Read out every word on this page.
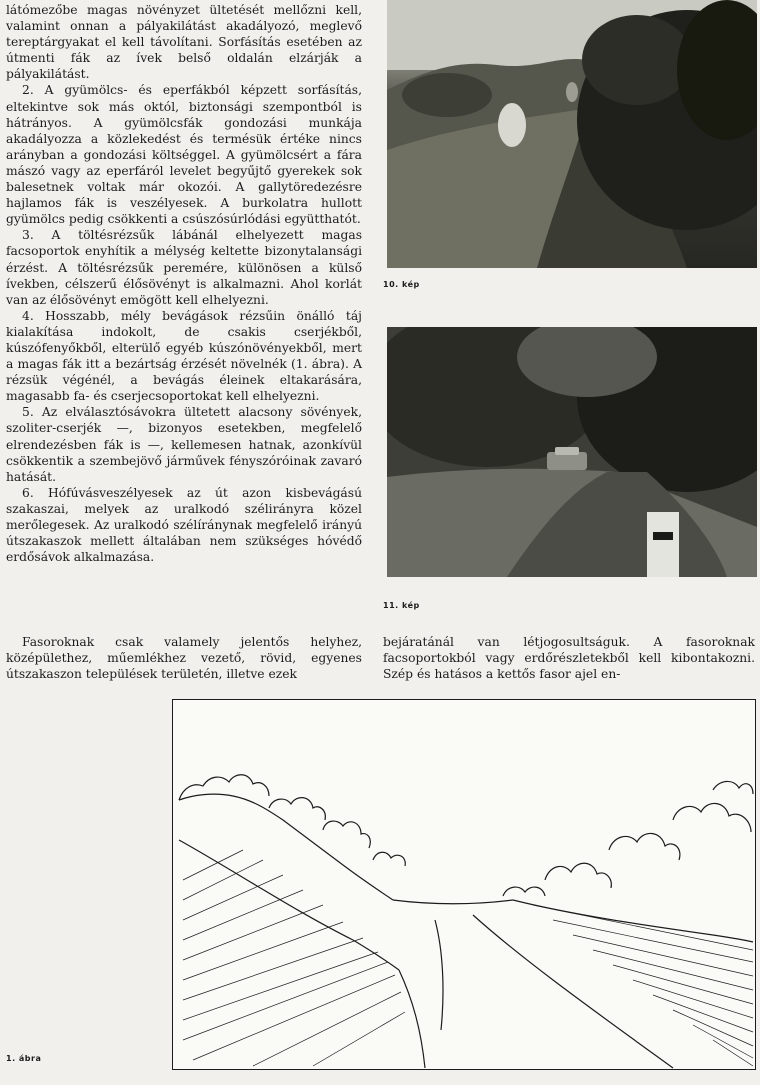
látómezőbe magas növényzet ültetését mellőzni kell, valamint onnan a pályakilátást akadályozó, meglevő tereptárgyakat el kell távolítani. Sorfásítás esetében az útmenti fák az ívek belső oldalán elzárják a pályakilátást.

2. A gyümölcs- és eperfákból képzett sorfásítás, eltekintve sok más októl, biztonsági szempontból is hátrányos. A gyümölcsfák gondozási munkája akadályozza a közlekedést és termésük értéke nincs arányban a gondozási költséggel. A gyümölcsért a fára mászó vagy az eperfáról levelet begyűjtő gyerekek sok balesetnek voltak már okozói. A gallytöredezésre hajlamos fák is veszélyesek. A burkolatra hullott gyümölcs pedig csökkenti a csúszósúrlódási együtthatót.

3. A töltésrézsűk lábánál elhelyezett magas facsoportok enyhítik a mélység keltette bizonytalansági érzést. A töltésrézsűk peremére, különösen a külső ívekben, célszerű élősövényt is alkalmazni. Ahol korlát van az élősövényt emögött kell elhelyezni.

4. Hosszabb, mély bevágások rézsűin önálló táj kialakítása indokolt, de csakis cserjékből, kúszófenyőkből, elterülő egyéb kúszónövényekből, mert a magas fák itt a bezártság érzését növelnék (1. ábra). A rézsük végénél, a bevágás éleinek eltakarására, magasabb fa- és cserjecsoportokat kell elhelyezni.

5. Az elválasztósávokra ültetett alacsony sövények, szoliter-cserjék —, bizonyos esetekben, megfelelő elrendezésben fák is —, kellemesen hatnak, azonkívül csökkentik a szembejövő járművek fényszóróinak zavaró hatását.

6. Hófúvásveszélyesek az út azon kisbevágású szakaszai, melyek az uralkodó szélirányra közel merőlegesek. Az uralkodó szélíránynak megfelelő irányú útszakaszok mellett általában nem szükséges hóvédő erdősávok alkalmazása.

10. kép
11. kép

Fasoroknak csak valamely jelentős helyhez, középülethez, műemlékhez vezető, rövid, egyenes útszakaszon települések területén, illetve ezek

bejáratánál van létjogosultságuk. A fasoroknak facsoportokból vagy erdőrészletekből kell kibontakozni. Szép és hatásos a kettős fasor ajel en-

1. ábra
